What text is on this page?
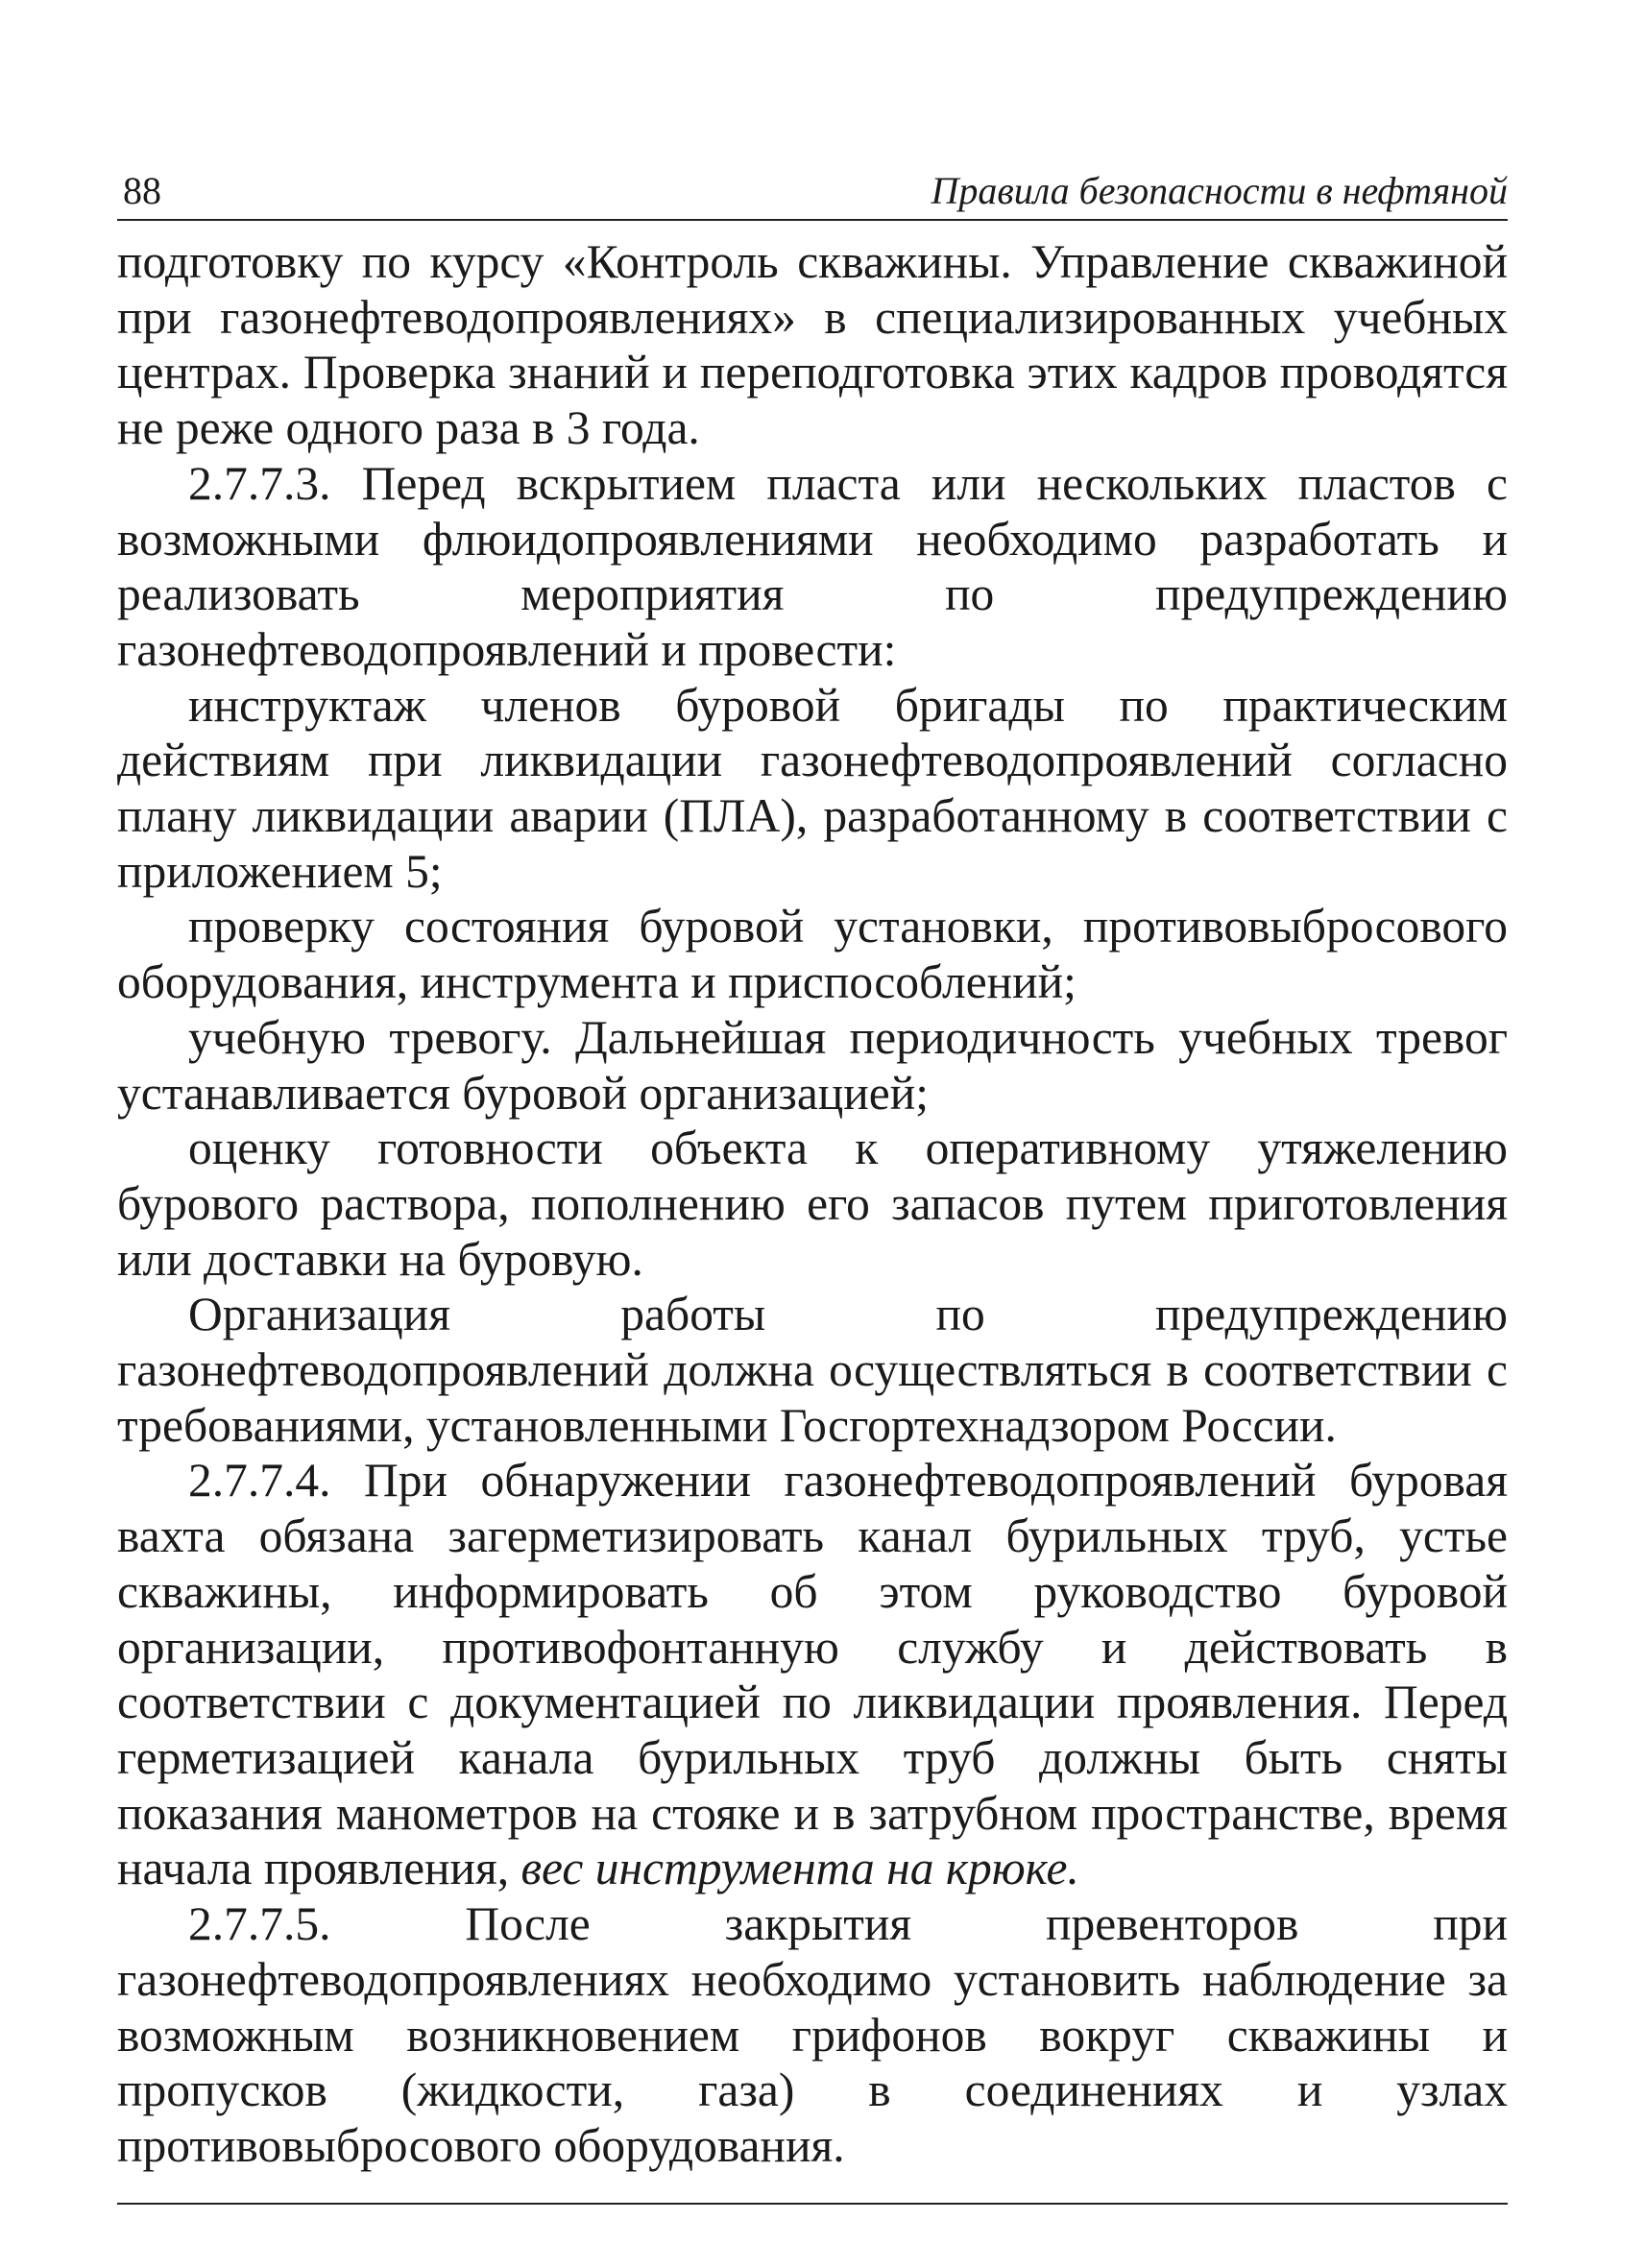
88	Правила безопасности в нефтяной

подготовку по курсу «Контроль скважины. Управление скважиной при газонефтеводопроявлениях» в специализированных учебных центрах. Проверка знаний и переподготовка этих кадров проводятся не реже одного раза в 3 года.

2.7.7.3. Перед вскрытием пласта или нескольких пластов с возможными флюидопроявлениями необходимо разработать и реализовать мероприятия по предупреждению газонефтеводопроявлений и провести:

инструктаж членов буровой бригады по практическим действиям при ликвидации газонефтеводопроявлений согласно плану ликвидации аварии (ПЛА), разработанному в соответствии с приложением 5;

проверку состояния буровой установки, противовыбросового оборудования, инструмента и приспособлений;

учебную тревогу. Дальнейшая периодичность учебных тревог устанавливается буровой организацией;

оценку готовности объекта к оперативному утяжелению бурового раствора, пополнению его запасов путем приготовления или доставки на буровую.

Организация работы по предупреждению газонефтеводопроявлений должна осуществляться в соответствии с требованиями, установленными Госгортехнадзором России.

2.7.7.4. При обнаружении газонефтеводопроявлений буровая вахта обязана загерметизировать канал бурильных труб, устье скважины, информировать об этом руководство буровой организации, противофонтанную службу и действовать в соответствии с документацией по ликвидации проявления. Перед герметизацией канала бурильных труб должны быть сняты показания манометров на стояке и в затрубном пространстве, время начала проявления, вес инструмента на крюке.

2.7.7.5. После закрытия превенторов при газонефтеводопроявлениях необходимо установить наблюдение за возможным возникновением грифонов вокруг скважины и пропусков (жидкости, газа) в соединениях и узлах противовыбросового оборудования.
